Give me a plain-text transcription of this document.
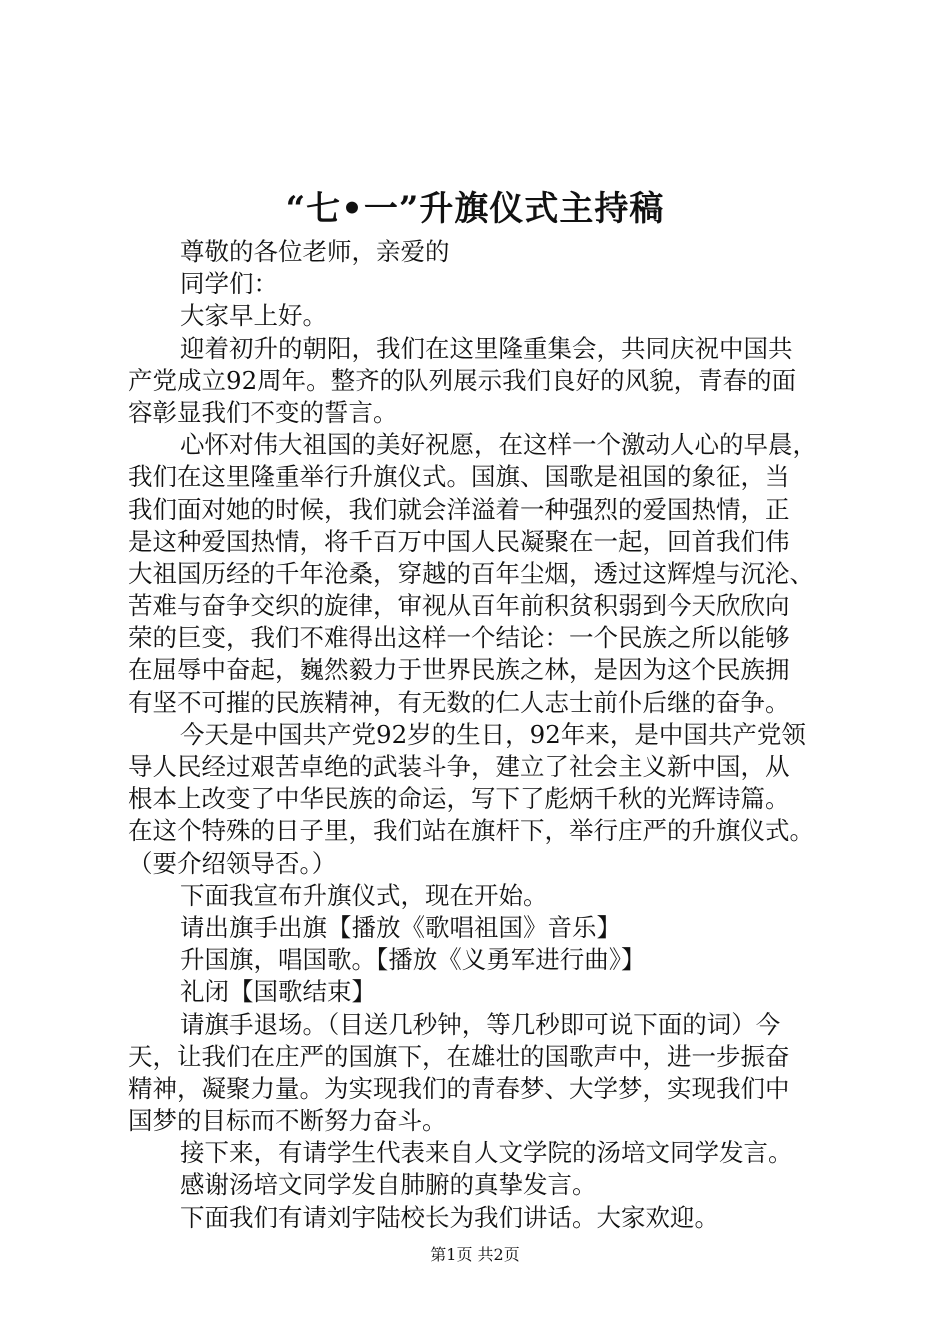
“七•一”升旗仪式主持稿
尊敬的各位老师，亲爱的
同学们：
大家早上好。
迎着初升的朝阳，我们在这里隆重集会，共同庆祝中国共
产党成立92周年。整齐的队列展示我们良好的风貌，青春的面
容彰显我们不变的誓言。
心怀对伟大祖国的美好祝愿，在这样一个激动人心的早晨，
我们在这里隆重举行升旗仪式。国旗、国歌是祖国的象征，当
我们面对她的时候，我们就会洋溢着一种强烈的爱国热情，正
是这种爱国热情，将千百万中国人民凝聚在一起，回首我们伟
大祖国历经的千年沧桑，穿越的百年尘烟，透过这辉煌与沉沦、
苦难与奋争交织的旋律，审视从百年前积贫积弱到今天欣欣向
荣的巨变，我们不难得出这样一个结论：一个民族之所以能够
在屈辱中奋起，巍然毅力于世界民族之林，是因为这个民族拥
有坚不可摧的民族精神，有无数的仁人志士前仆后继的奋争。
今天是中国共产党92岁的生日，92年来，是中国共产党领
导人民经过艰苦卓绝的武装斗争，建立了社会主义新中国，从
根本上改变了中华民族的命运，写下了彪炳千秋的光辉诗篇。
在这个特殊的日子里，我们站在旗杆下，举行庄严的升旗仪式。
（要介绍领导否。）
下面我宣布升旗仪式，现在开始。
请出旗手出旗【播放《歌唱祖国》音乐】
升国旗，唱国歌。【播放《义勇军进行曲》】
礼闭【国歌结束】
请旗手退场。（目送几秒钟，等几秒即可说下面的词）今
天，让我们在庄严的国旗下，在雄壮的国歌声中，进一步振奋
精神，凝聚力量。为实现我们的青春梦、大学梦，实现我们中
国梦的目标而不断努力奋斗。
接下来，有请学生代表来自人文学院的汤培文同学发言。
感谢汤培文同学发自肺腑的真挚发言。
下面我们有请刘宇陆校长为我们讲话。大家欢迎。

第1页 共2页
